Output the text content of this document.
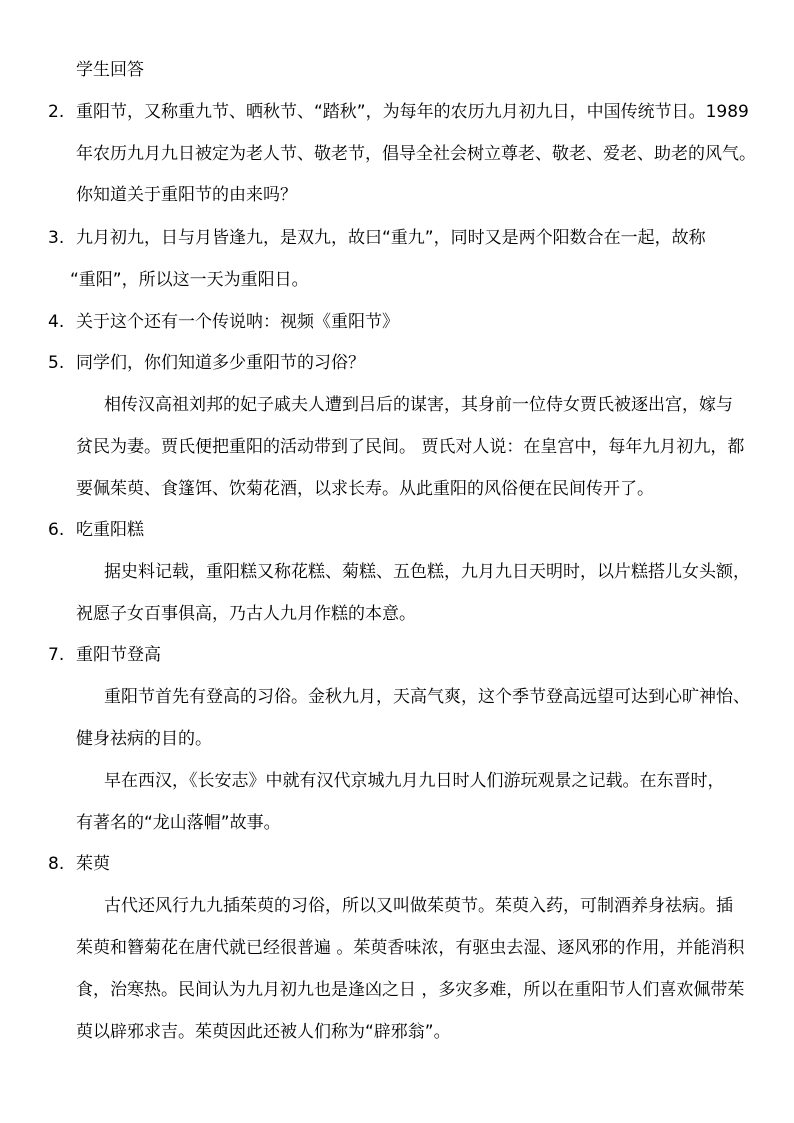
学生回答
2. 重阳节，又称重九节、晒秋节、“踏秋”，为每年的农历九月初九日，中国传统节日。1989
年农历九月九日被定为老人节、敬老节，倡导全社会树立尊老、敬老、爱老、助老的风气。
你知道关于重阳节的由来吗？
3. 九月初九，日与月皆逢九，是双九，故曰“重九”，同时又是两个阳数合在一起，故称
“重阳”，所以这一天为重阳日。
4. 关于这个还有一个传说呐：视频《重阳节》
5. 同学们，你们知道多少重阳节的习俗？
相传汉高祖刘邦的妃子戚夫人遭到吕后的谋害，其身前一位侍女贾氏被逐出宫，嫁与
贫民为妻。贾氏便把重阳的活动带到了民间。 贾氏对人说：在皇宫中，每年九月初九，都
要佩茱萸、食篷饵、饮菊花酒，以求长寿。从此重阳的风俗便在民间传开了。
6. 吃重阳糕
据史料记载，重阳糕又称花糕、菊糕、五色糕，九月九日天明时，以片糕搭儿女头额，
祝愿子女百事俱高，乃古人九月作糕的本意。
7. 重阳节登高
重阳节首先有登高的习俗。金秋九月，天高气爽，这个季节登高远望可达到心旷神怡、
健身祛病的目的。
早在西汉，《长安志》中就有汉代京城九月九日时人们游玩观景之记载。在东晋时，
有著名的“龙山落帽”故事。
8. 茱萸
古代还风行九九插茱萸的习俗，所以又叫做茱萸节。茱萸入药，可制酒养身祛病。插
茱萸和簪菊花在唐代就已经很普遍 。茱萸香味浓，有驱虫去湿、逐风邪的作用，并能消积
食，治寒热。民间认为九月初九也是逢凶之日 ，多灾多难，所以在重阳节人们喜欢佩带茱
萸以辟邪求吉。茱萸因此还被人们称为“辟邪翁”。
